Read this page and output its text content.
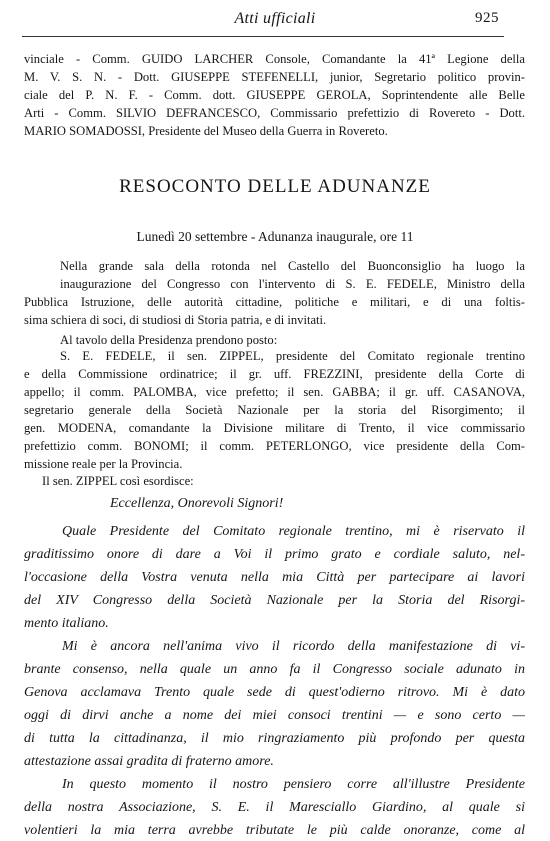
Atti ufficiali	925
vinciale - Comm. GUIDO LARCHER Console, Comandante la 41ª Legione della
M. V. S. N. - Dott. GIUSEPPE STEFENELLI, junior, Segretario politico provin-
ciale del P. N. F. - Comm. dott. GIUSEPPE GEROLA, Soprintendente alle Belle
Arti - Comm. SILVIO DEFRANCESCO, Commissario prefettizio di Rovereto - Dott.
MARIO SOMADOSSI, Presidente del Museo della Guerra in Rovereto.
RESOCONTO DELLE ADUNANZE
Lunedì 20 settembre - Adunanza inaugurale, ore 11
Nella grande sala della rotonda nel Castello del Buonconsiglio ha luogo la
inaugurazione del Congresso con l'intervento di S. E. FEDELE, Ministro della
Pubblica Istruzione, delle autorità cittadine, politiche e militari, e di una foltis-
sima schiera di soci, di studiosi di Storia patria, e di invitati.
Al tavolo della Presidenza prendono posto:
S. E. FEDELE, il sen. ZIPPEL, presidente del Comitato regionale trentino
e della Commissione ordinatrice; il gr. uff. FREZZINI, presidente della Corte di
appello; il comm. PALOMBA, vice prefetto; il sen. GABBA; il gr. uff. CASANOVA,
segretario generale della Società Nazionale per la storia del Risorgimento; il
gen. MODENA, comandante la Divisione militare di Trento, il vice commissario
prefettizio comm. BONOMI; il comm. PETERLONGO, vice presidente della Com-
missione reale per la Provincia.
Il sen. ZIPPEL così esordisce:
Quale Presidente del Comitato regionale trentino, mi è riservato il
graditissimo onore di dare a Voi il primo grato e cordiale saluto, nel-
l'occasione della Vostra venuta nella mia Città per partecipare ai lavori
del XIV Congresso della Società Nazionale per la Storia del Risorgi-
mento italiano.
Mi è ancora nell'anima vivo il ricordo della manifestazione di vi-
brante consenso, nella quale un anno fa il Congresso sociale adunato in
Genova acclamava Trento quale sede di quest'odierno ritrovo. Mi è dato
oggi di dirvi anche a nome dei miei consoci trentini — e sono certo —
di tutta la cittadinanza, il mio ringraziamento più profondo per questa
attestazione assai gradita di fraterno amore.
In questo momento il nostro pensiero corre all'illustre Presidente
della nostra Associazione, S. E. il Maresciallo Giardino, al quale si
volentieri la mia terra avrebbe tributate le più calde onoranze, come al
Eccellenza, Onorevoli Signori!
